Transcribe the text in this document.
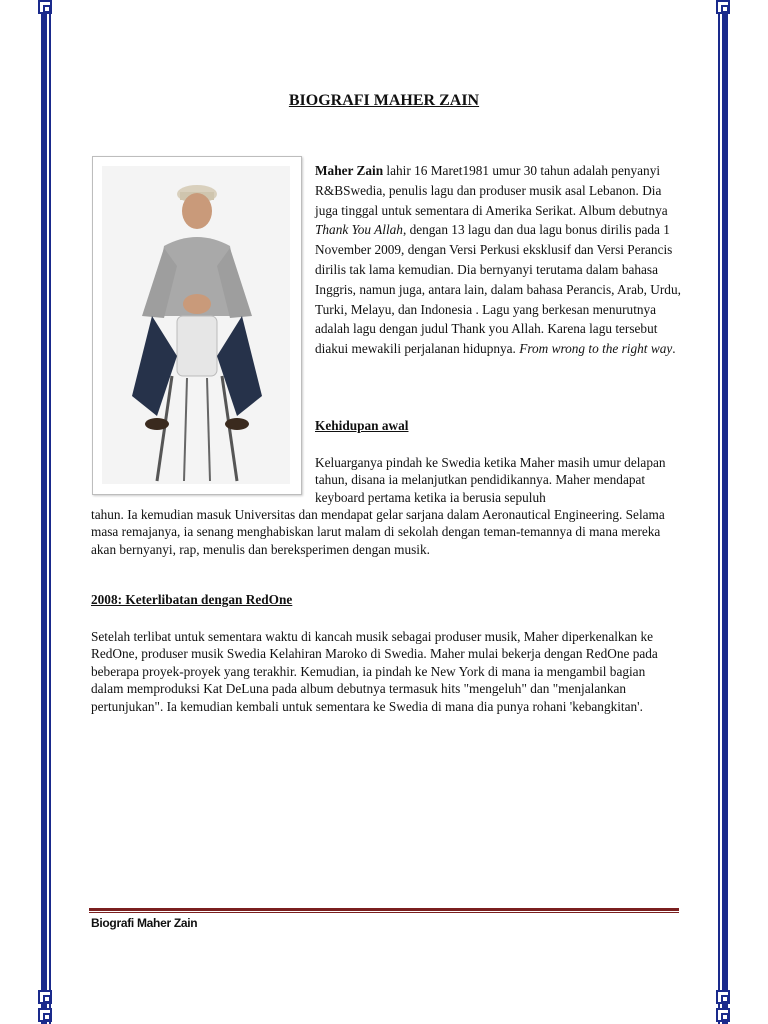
BIOGRAFI MAHER ZAIN

Maher Zain lahir 16 Maret1981 umur 30 tahun adalah penyanyi R&BSwedia, penulis lagu dan produser musik asal Lebanon. Dia juga tinggal untuk sementara di Amerika Serikat. Album debutnya Thank You Allah, dengan 13 lagu dan dua lagu bonus dirilis pada 1 November 2009, dengan Versi Perkusi eksklusif dan Versi Perancis dirilis tak lama kemudian. Dia bernyanyi terutama dalam bahasa Inggris, namun juga, antara lain, dalam bahasa Perancis, Arab, Urdu, Turki, Melayu, dan Indonesia . Lagu yang berkesan menurutnya adalah lagu dengan judul Thank you Allah. Karena lagu tersebut diakui mewakili perjalanan hidupnya. From wrong to the right way.

Kehidupan awal

Keluarganya pindah ke Swedia ketika Maher masih umur delapan tahun, disana ia melanjutkan pendidikannya. Maher mendapat keyboard pertama ketika ia berusia sepuluh

tahun. Ia kemudian masuk Universitas dan mendapat gelar sarjana dalam Aeronautical Engineering. Selama masa remajanya, ia senang menghabiskan larut malam di sekolah dengan teman-temannya di mana mereka akan bernyanyi, rap, menulis dan bereksperimen dengan musik.

2008: Keterlibatan dengan RedOne

Setelah terlibat untuk sementara waktu di kancah musik sebagai produser musik, Maher diperkenalkan ke RedOne, produser musik Swedia Kelahiran Maroko di Swedia. Maher mulai bekerja dengan RedOne pada beberapa proyek-proyek yang terakhir. Kemudian, ia pindah ke New York di mana ia mengambil bagian dalam memproduksi Kat DeLuna pada album debutnya termasuk hits "mengeluh" dan "menjalankan pertunjukan". Ia kemudian kembali untuk sementara ke Swedia di mana dia punya rohani 'kebangkitan'.

Biografi Maher Zain
